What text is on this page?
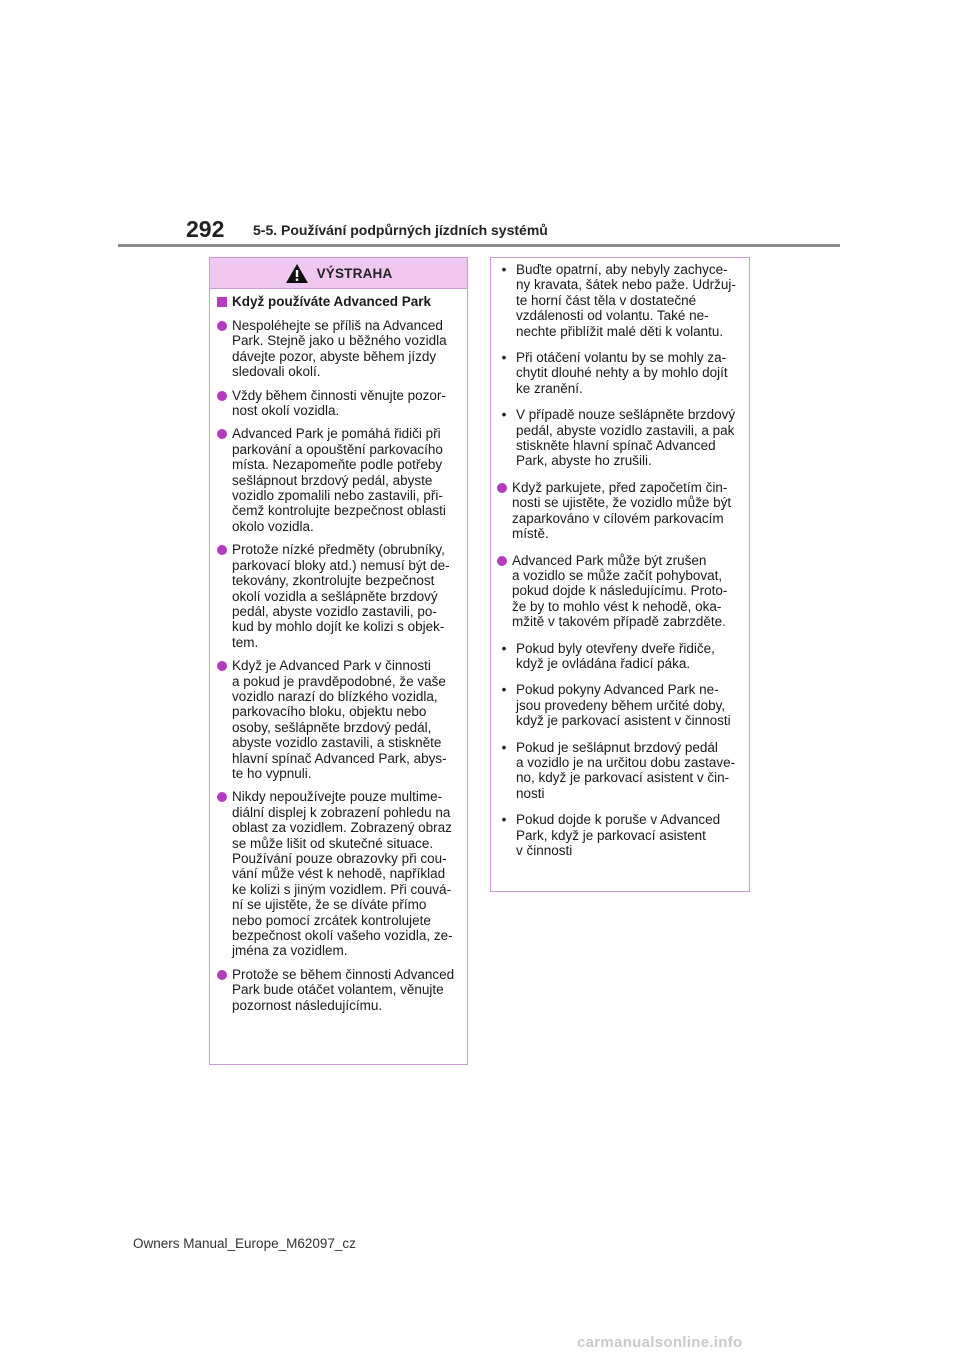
292 5-5. Používání podpůrných jízdních systémů
VÝSTRAHA
Když používáte Advanced Park
Nespoléhejte se příliš na Advanced
Park. Stejně jako u běžného vozidla
dávejte pozor, abyste během jízdy
sledovali okolí.
Vždy během činnosti věnujte pozor-
nost okolí vozidla.
Advanced Park je pomáhá řidiči při
parkování a opouštění parkovacího
místa. Nezapomeňte podle potřeby
sešlápnout brzdový pedál, abyste
vozidlo zpomalili nebo zastavili, při-
čemž kontrolujte bezpečnost oblasti
okolo vozidla.
Protože nízké předměty (obrubníky,
parkovací bloky atd.) nemusí být de-
tekovány, zkontrolujte bezpečnost
okolí vozidla a sešlápněte brzdový
pedál, abyste vozidlo zastavili, po-
kud by mohlo dojít ke kolizi s objek-
tem.
Když je Advanced Park v činnosti
a pokud je pravděpodobné, že vaše
vozidlo narazí do blízkého vozidla,
parkovacího bloku, objektu nebo
osoby, sešlápněte brzdový pedál,
abyste vozidlo zastavili, a stiskněte
hlavní spínač Advanced Park, abys-
te ho vypnuli.
Nikdy nepoužívejte pouze multime-
diální displej k zobrazení pohledu na
oblast za vozidlem. Zobrazený obraz
se může lišit od skutečné situace.
Používání pouze obrazovky při cou-
vání může vést k nehodě, například
ke kolizi s jiným vozidlem. Při couvá-
ní se ujistěte, že se díváte přímo
nebo pomocí zrcátek kontrolujete
bezpečnost okolí vašeho vozidla, ze-
jména za vozidlem.
Protože se během činnosti Advanced
Park bude otáčet volantem, věnujte
pozornost následujícímu.
• Buďte opatrní, aby nebyly zachyce-
ny kravata, šátek nebo paže. Udržuj-
te horní část těla v dostatečné
vzdálenosti od volantu. Také ne-
nechte přiblížit malé děti k volantu.
• Při otáčení volantu by se mohly za-
chytit dlouhé nehty a by mohlo dojít
ke zranění.
• V případě nouze sešlápněte brzdový
pedál, abyste vozidlo zastavili, a pak
stiskněte hlavní spínač Advanced
Park, abyste ho zrušili.
Když parkujete, před započetím čin-
nosti se ujistěte, že vozidlo může být
zaparkováno v cílovém parkovacím
místě.
Advanced Park může být zrušen
a vozidlo se může začít pohybovat,
pokud dojde k následujícímu. Proto-
že by to mohlo vést k nehodě, oka-
mžitě v takovém případě zabrzděte.
• Pokud byly otevřeny dveře řidiče,
když je ovládána řadicí páka.
• Pokud pokyny Advanced Park ne-
jsou provedeny během určité doby,
když je parkovací asistent v činnosti
• Pokud je sešlápnut brzdový pedál
a vozidlo je na určitou dobu zastave-
no, když je parkovací asistent v čin-
nosti
• Pokud dojde k poruše v Advanced
Park, když je parkovací asistent
v činnosti
Owners Manual_Europe_M62097_cz
carmanualsonline.info
